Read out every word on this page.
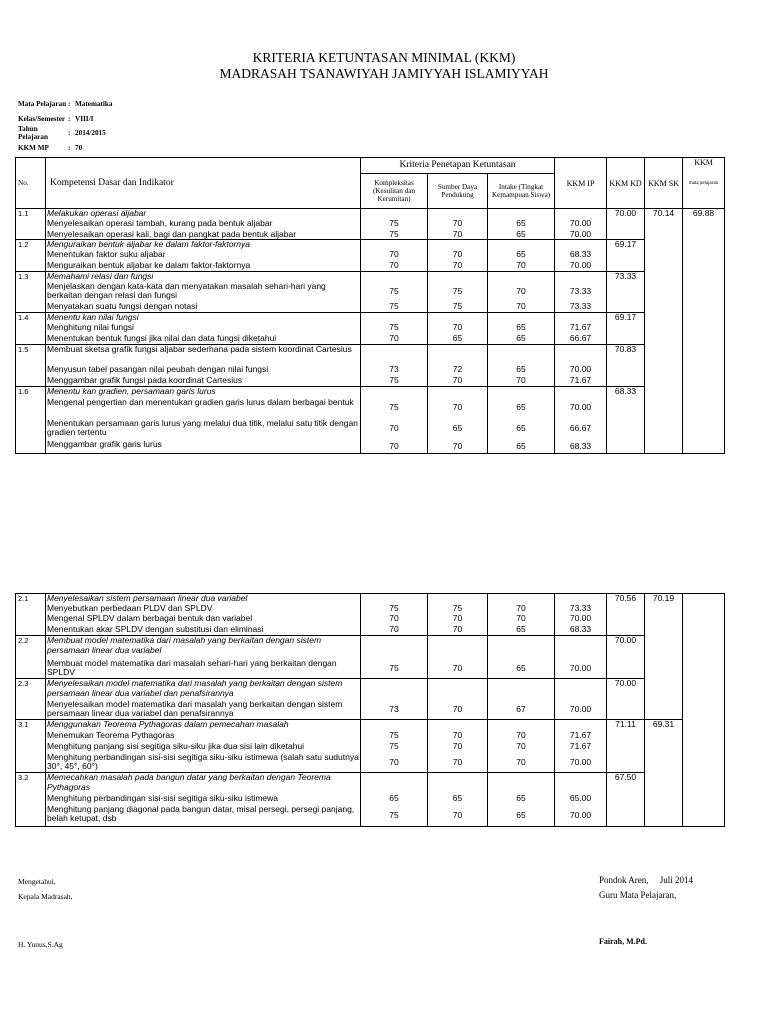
KRITERIA KETUNTASAN MINIMAL (KKM)
MADRASAH TSANAWIYAH JAMIYYAH ISLAMIYYAH
Mata Pelajaran : Matematika
Kelas/Semester : VIII/I
Tahun Pelajaran	: 2014/2015
KKM MP	: 70
No.	Kompetensi Dasar dan Indikator	Kriteria Penetapan Ketuntasan			KKM IP	KKM KD	KKM SK	KKM
mata pelajaran

		Kompleksitas (Kesulitan dan Kerumitan)	Sumber Daya Pendukung	Intake (Tingkat Kemampuan Siswa)				
1.1	Melakukan operasi aljabar					70.00	70.14	69.88
	Menyelesaikan operasi tambah, kurang pada bentuk aljabar	75	70	65	70.00			
	Menyelesaikan operasi kali, bagi dan pangkat pada bentuk aljabar	75	70	65	70.00			
1.2	Menguraikan bentuk aljabar ke dalam faktor-faktornya					69.17		
	Menentukan faktor suku aljabar	70	70	65	68.33			
	Menguraikan bentuk aljabar ke dalam faktor-faktornya	70	70	70	70.00			
1.3	Memahami relasi dan fungsi					73.33		
	Menjelaskan dengan kata-kata dan menyatakan masalah sehari-hari yang berkaitan dengan relasi dan fungsi	75	75	70	73.33			
	Menyatakan suatu fungsi dengan notasi	75	75	70	73.33			
1.4	Menentu kan nilai fungsi					69.17		
	Menghitung nilai fungsi	75	70	65	71.67			
	Menentukan bentuk fungsi jika nilai dan data fungsi diketahui	70	65	65	66.67			
1.5	Membuat sketsa grafik fungsi aljabar sederhana pada sistem koordinat Cartesius					70.83		
	Menyusun tabel pasangan nilai peubah dengan nilai fungsi	73	72	65	70.00			
	Menggambar grafik fungsi pada koordinat Cartesius	75	70	70	71.67			
1.6	Menentu kan gradien, persamaan garis lurus					68.33		
	Mengenal pengertian dan menentukan gradien garis lurus dalam berbagai bentuk	75	70	65	70.00			
	Menentukan persamaan garis lurus yang melalui dua titik, melalui satu titik dengan gradien tertentu	70	65	65	66.67			
	Menggambar grafik garis lurus	70	70	65	68.33			
2.1	Menyelesaikan sistem persamaan linear dua variabel					70.56	70.19	
	Menyebutkan perbedaan PLDV dan SPLDV	75	75	70	73.33			
	Mengenal SPLDV dalam berbagai bentuk dan variabel	70	70	70	70.00			
	Menentukan akar SPLDV dengan substitusi dan eliminasi	70	70	65	68.33			
2.2	Membuat model matematika dari masalah yang berkaitan dengan sistem persamaan linear dua variabel					70.00		
	Membuat model matematika dari masalah sehari-hari yang berkaitan dengan SPLDV	75	70	65	70.00			
2.3	Menyelesaikan model matematika dari masalah yang berkaitan dengan sistem persamaan linear dua variabel dan penafsirannya					70.00		
	Menyelesaikan model matematika dari masalah yang berkaitan dengan sistem persamaan linear dua variabel dan penafsirannya	73	70	67	70.00			
3.1	Menggunakan Teorema Pythagoras dalam pemecahan masalah					71.11	69.31	
	Menemukan Teorema Pythagoras	75	70	70	71.67			
	Menghitung panjang sisi segitiga siku-siku jika dua sisi lain diketahui	75	70	70	71.67			
	Menghitung perbandingan sisi-sisi segitiga siku-siku istimewa (salah satu sudutnya 30°, 45°, 60°)	70	70	70	70.00			
3.2	Memecahkan masalah pada bangun datar yang berkaitan dengan Teorema Pythagoras					67.50		
	Menghitung perbandingan sisi-sisi segitiga siku-siku istimewa	65	65	65	65.00			
	Menghitung panjang diagonal pada bangun datar, misal persegi, persegi panjang, belah ketupat, dsb	75	70	65	70.00			
Mengetahui,
Kepala Madrasah,
H. Yunus,S.Ag
Pondok Aren,     Juli 2014
Guru Mata Pelajaran,
Fairah, M.Pd.
